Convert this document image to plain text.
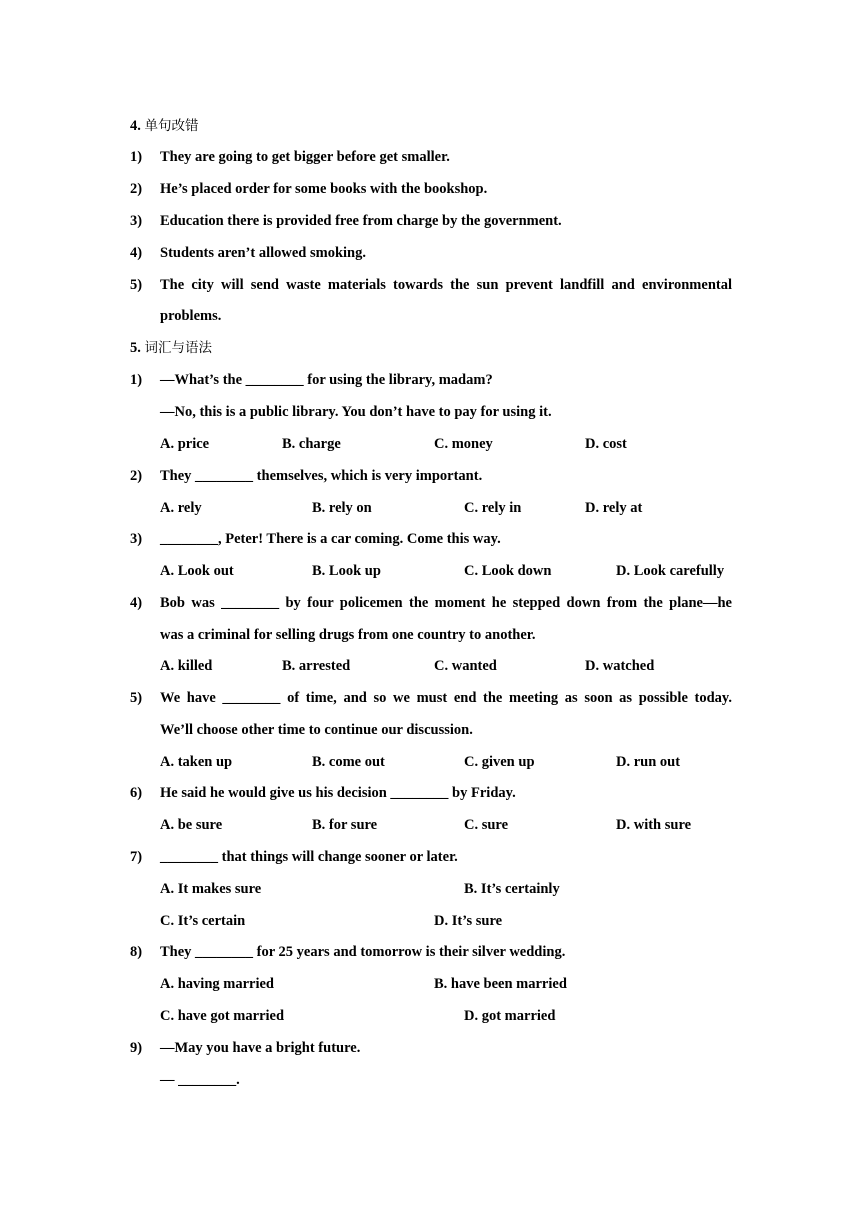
4. 单句改错
1) They are going to get bigger before get smaller.
2) He’s placed order for some books with the bookshop.
3) Education there is provided free from charge by the government.
4) Students aren’t allowed smoking.
5) The city will send waste materials towards the sun prevent landfill and environmental
problems.
5. 词汇与语法
1) —What’s the ________ for using the library, madam?
—No, this is a public library. You don’t have to pay for using it.
A. price	B. charge	C. money	D. cost
2) They ________ themselves, which is very important.
A. rely	B. rely on	C. rely in	D. rely at
3) ________, Peter! There is a car coming. Come this way.
A. Look out	B. Look up	C. Look down	D. Look carefully
4) Bob was ________ by four policemen the moment he stepped down from the plane—he
was a criminal for selling drugs from one country to another.
A. killed	B. arrested	C. wanted	D. watched
5) We have ________ of time, and so we must end the meeting as soon as possible today.
We’ll choose other time to continue our discussion.
A. taken up	B. come out	C. given up	D. run out
6) He said he would give us his decision ________ by Friday.
A. be sure	B. for sure	C. sure	D. with sure
7) ________ that things will change sooner or later.
A. It makes sure	B. It’s certainly
C. It’s certain	D. It’s sure
8) They ________ for 25 years and tomorrow is their silver wedding.
A. having married	B. have been married
C. have got married	D. got married
9) —May you have a bright future.
— ________.
